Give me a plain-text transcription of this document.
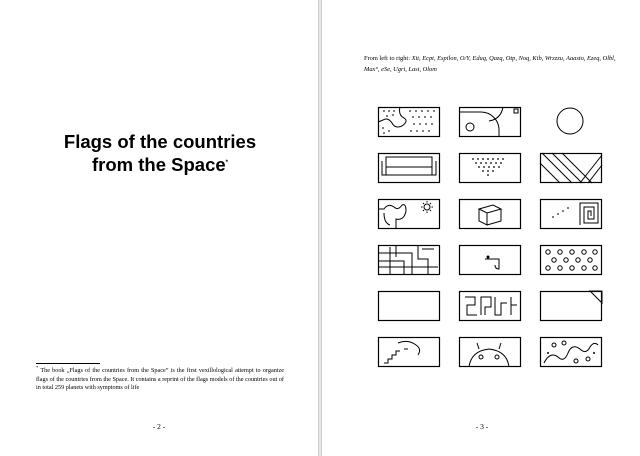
Flags of the countries
from the Space*

* The book „Flags of the countries from the Space” is the first vexillological attempt to organize flags of the countries from the Space. It contains a reprint of the flags models of the countries out of in total 259 planets with symptoms of life

- 2 -

From left to right: Xit, Ecpt, Espilon, O/Y, Eduq, Qazq, Otp, Noq, Kib, Wrzzzu, Aaasto, Ezeq, Olbl, Max°, eSe, Ugri, Lasi, Olom

- 3 -
